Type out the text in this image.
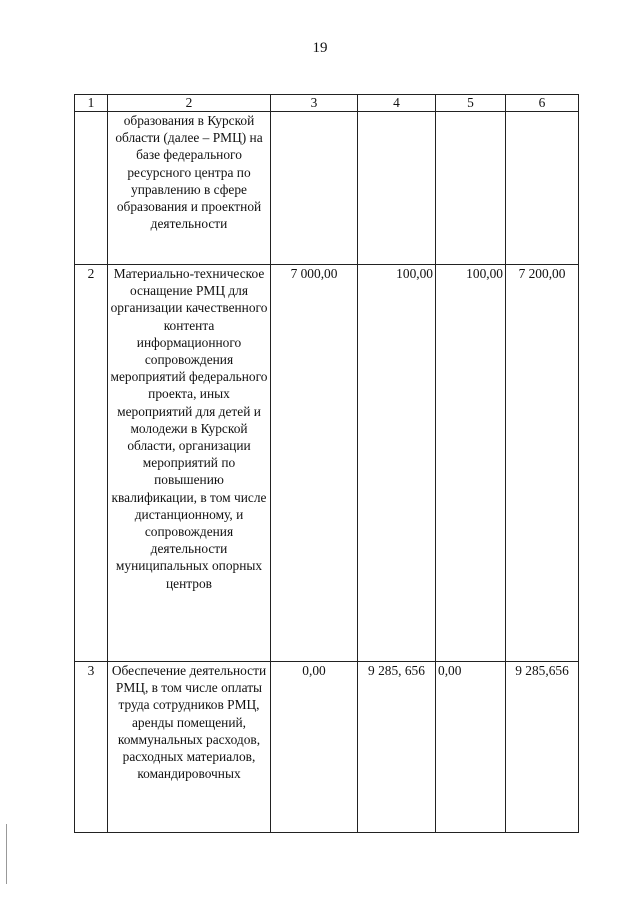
19
1	2	3	4	5	6
	образования в Курской области (далее – РМЦ) на базе федерального ресурсного центра по управлению в сфере образования и проектной деятельности				
2	Материально-техническое оснащение РМЦ для организации качественного контента информационного сопровождения мероприятий федерального проекта, иных мероприятий для детей и молодежи в Курской области, организации мероприятий по повышению квалификации, в том числе дистанционному, и сопровождения деятельности муниципальных опорных центров	7 000,00	100,00	100,00	7 200,00
3	Обеспечение деятельности РМЦ, в том числе оплаты труда сотрудников РМЦ, аренды помещений, коммунальных расходов, расходных материалов, командировочных	0,00	9 285, 656	0,00	9 285,656
